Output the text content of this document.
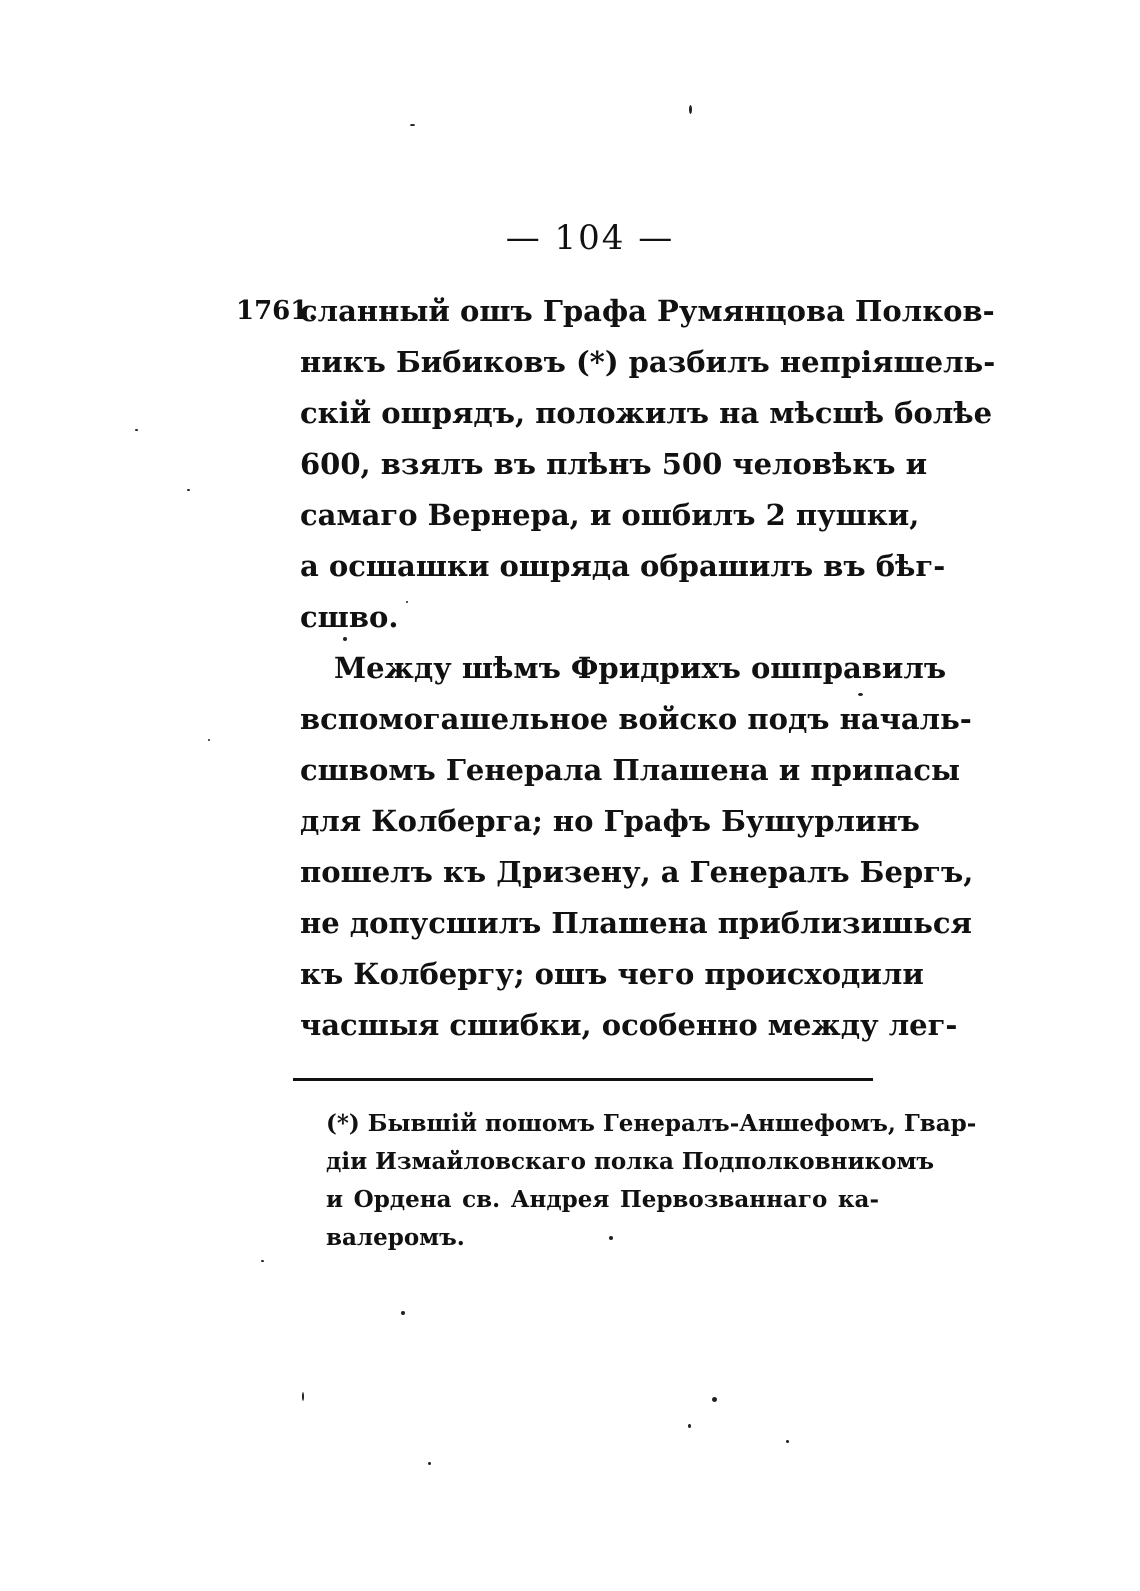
— 104 —
1761.
сланный ошъ Графа Румянцова Полков-
никъ Бибиковъ (*) разбилъ непріяшель-
скій ошрядъ, положилъ на мѣсшѣ болѣе
600, взялъ въ плѣнъ 500 человѣкъ и
самаго Вернера, и ошбилъ 2 пушки,
а осшашки ошряда обрашилъ въ бѣг-
сшво.
Между шѣмъ Фридрихъ ошправилъ
вспомогашельное войско подъ началь-
сшвомъ Генерала Плашена и припасы
для Колберга; но Графъ Бушурлинъ
пошелъ къ Дризену, а Генералъ Бергъ,
не допусшилъ Плашена приблизишься
къ Колбергу; ошъ чего происходили
часшыя сшибки, особенно между лег-
(*) Бывшій пошомъ Генералъ-Аншефомъ, Гвар-
діи Измайловскаго полка Подполковникомъ
и Ордена св. Андрея Первозваннаго ка-
валеромъ.
